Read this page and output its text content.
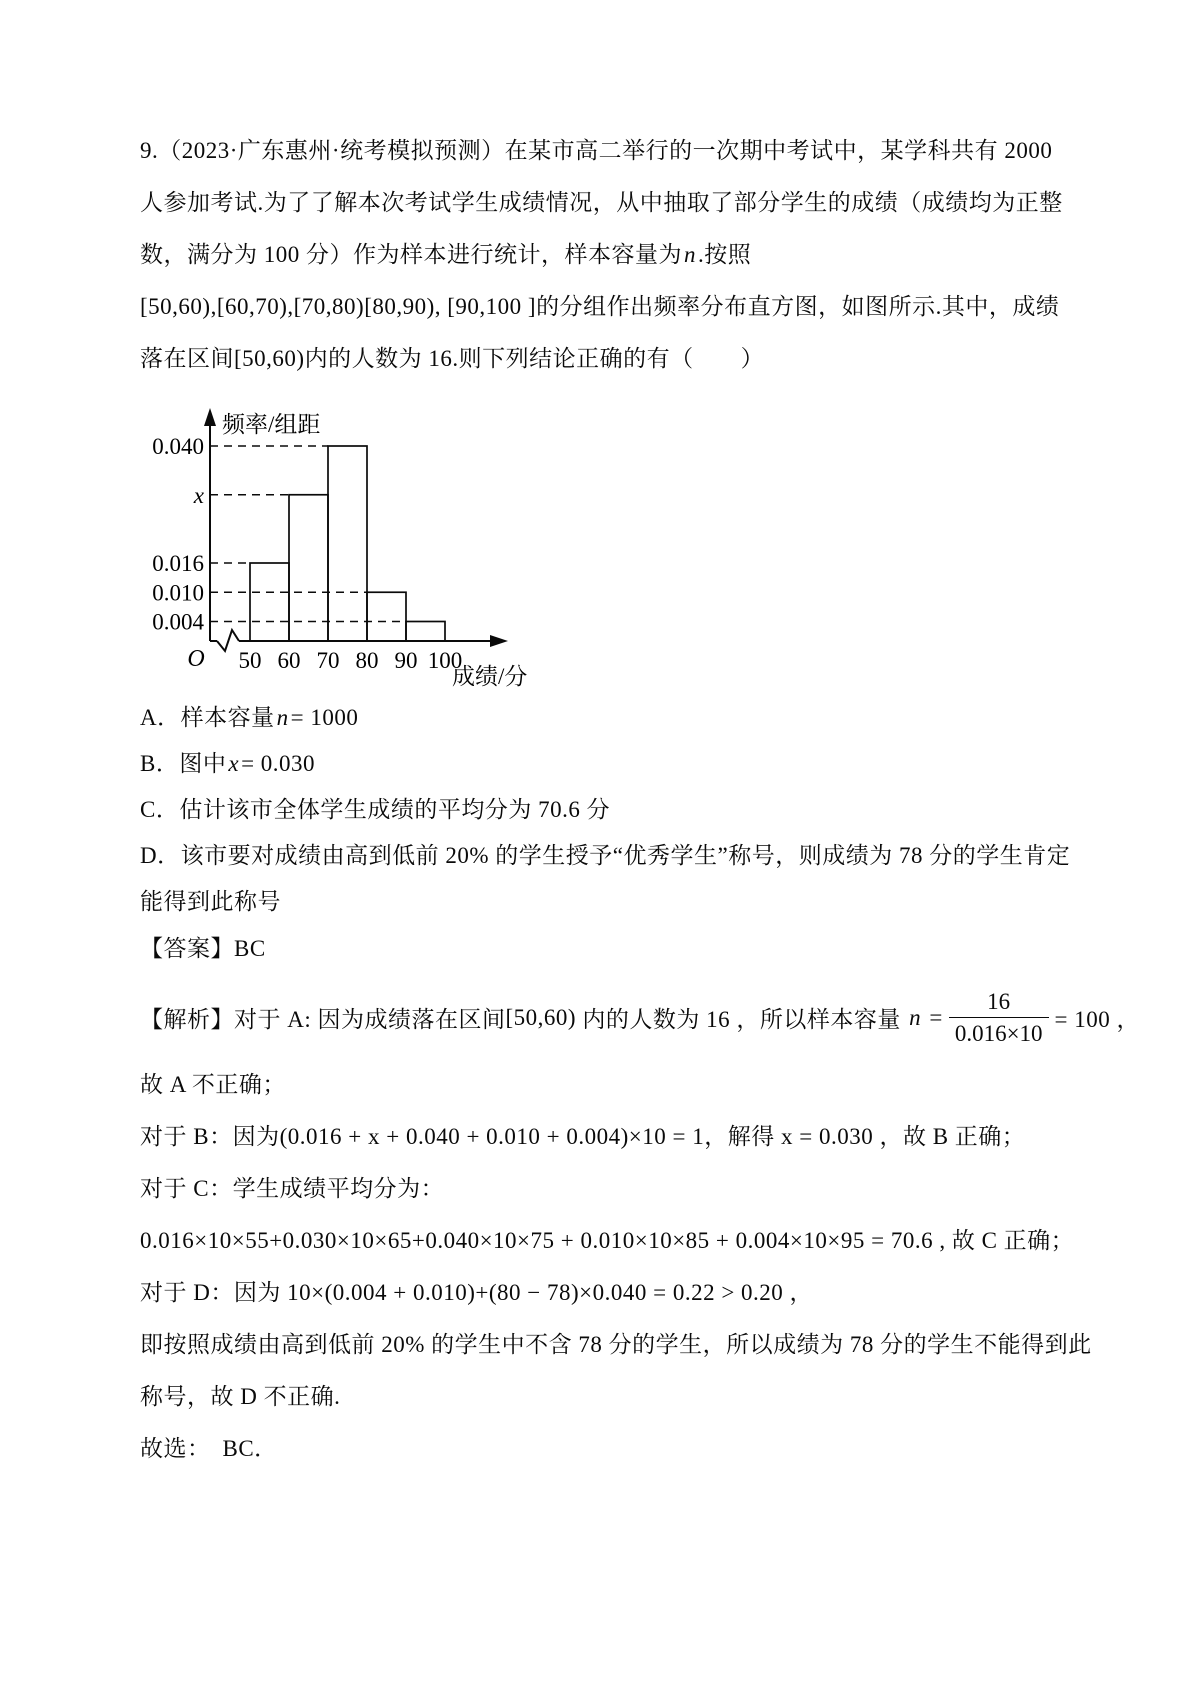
9.（2023·广东惠州·统考模拟预测）在某市高二举行的一次期中考试中，某学科共有 2000

人参加考试.为了了解本次考试学生成绩情况，从中抽取了部分学生的成绩（成绩均为正整

数，满分为 100 分）作为样本进行统计，样本容量为n.按照

[50,60),[60,70),[70,80)[80,90), [90,100 ]的分组作出频率分布直方图，如图所示.其中，成绩

落在区间[50,60)内的人数为 16.则下列结论正确的有（　　）

0.040
x
0.016
0.010
0.004
50 60 70 80 90 100
O
频率/组距
成绩/分

A．样本容量n= 1000

B．图中x= 0.030

C．估计该市全体学生成绩的平均分为 70.6 分

D．该市要对成绩由高到低前 20% 的学生授予“优秀学生”称号，则成绩为 78 分的学生肯定

能得到此称号

【答案】BC

【解析】对于 A: 因为成绩落在区间 [50,60) 内的人数为 16 ，所以样本容量 $n = \frac{16}{0.016\times 10} = 100$ ，

故 A 不正确；

对于 B：因为(0.016 + x + 0.040 + 0.010 + 0.004)×10 = 1，解得 x = 0.030 ，故 B 正确；

对于 C：学生成绩平均分为：

0.016×10×55+0.030×10×65+0.040×10×75 + 0.010×10×85 + 0.004×10×95 = 70.6 , 故 C 正确；

对于 D：因为 10×(0.004 + 0.010)+(80 − 78)×0.040 = 0.22 > 0.20 ，

即按照成绩由高到低前 20% 的学生中不含 78 分的学生，所以成绩为 78 分的学生不能得到此

称号，故 D 不正确.

故选：　BC．
